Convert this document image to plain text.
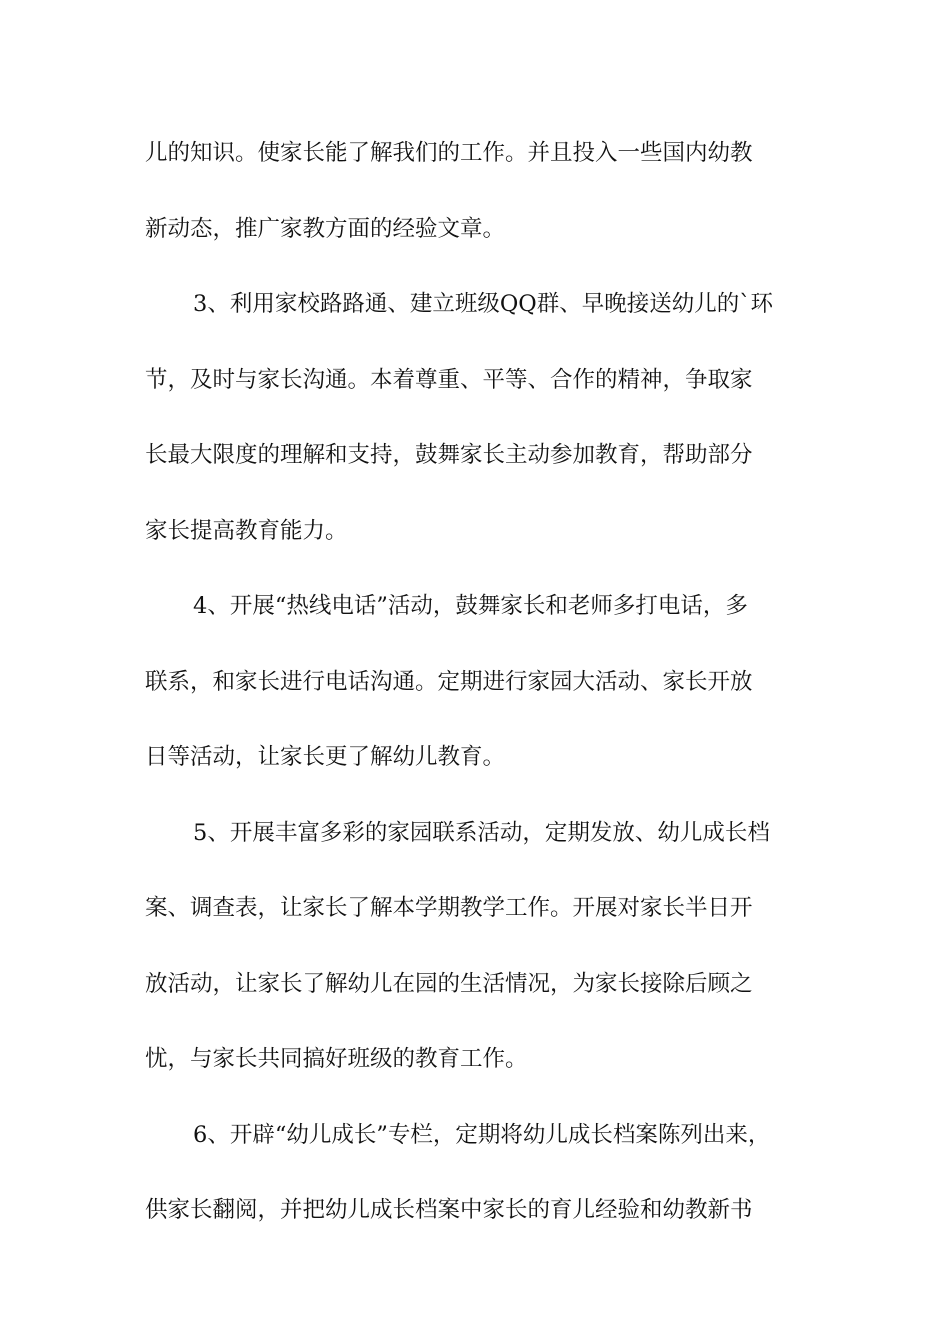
儿的知识。使家长能了解我们的工作。并且投入一些国内幼教
新动态，推广家教方面的经验文章。
3、利用家校路路通、建立班级QQ群、早晚接送幼儿的`环
节，及时与家长沟通。本着尊重、平等、合作的精神，争取家
长最大限度的理解和支持，鼓舞家长主动参加教育，帮助部分
家长提高教育能力。
4、开展“热线电话”活动，鼓舞家长和老师多打电话，多
联系，和家长进行电话沟通。定期进行家园大活动、家长开放
日等活动，让家长更了解幼儿教育。
5、开展丰富多彩的家园联系活动，定期发放、幼儿成长档
案、调查表，让家长了解本学期教学工作。开展对家长半日开
放活动，让家长了解幼儿在园的生活情况，为家长接除后顾之
忧，与家长共同搞好班级的教育工作。
6、开辟“幼儿成长”专栏，定期将幼儿成长档案陈列出来，
供家长翻阅，并把幼儿成长档案中家长的育儿经验和幼教新书
